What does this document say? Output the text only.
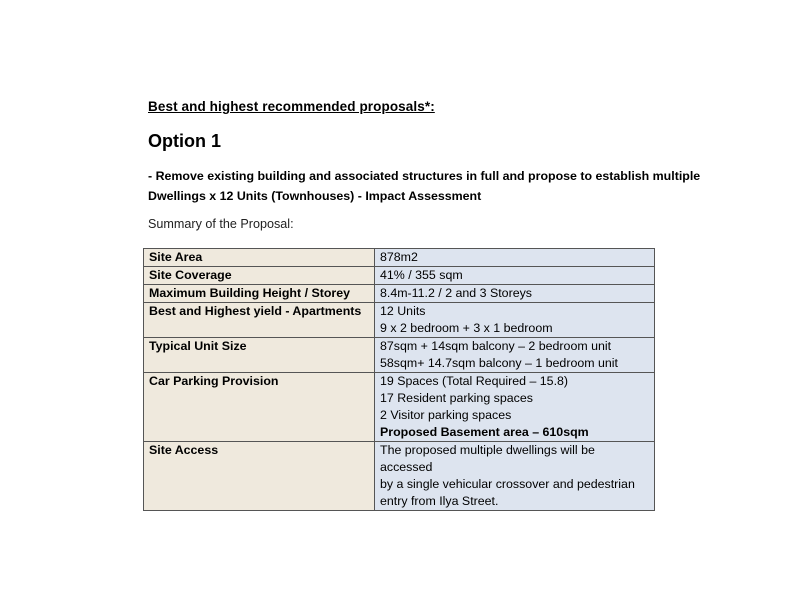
Best and highest recommended proposals*:
Option 1
- Remove existing building and associated structures in full and propose to establish multiple
Dwellings x 12 Units (Townhouses) - Impact Assessment
Summary of the Proposal:
Site Area	878m2

Site Coverage	41% / 355 sqm

Maximum Building Height / Storey	8.4m-11.2 / 2 and 3 Storeys

Best and Highest yield - Apartments	12 Units
9 x 2 bedroom + 3 x 1 bedroom

Typical Unit Size	87sqm + 14sqm balcony – 2 bedroom unit
58sqm+ 14.7sqm balcony – 1 bedroom unit

Car Parking Provision	19 Spaces (Total Required – 15.8)
17 Resident parking spaces
2 Visitor parking spaces
Proposed Basement area – 610sqm

Site Access	The proposed multiple dwellings will be accessed
by a single vehicular crossover and pedestrian
entry from Ilya Street.
